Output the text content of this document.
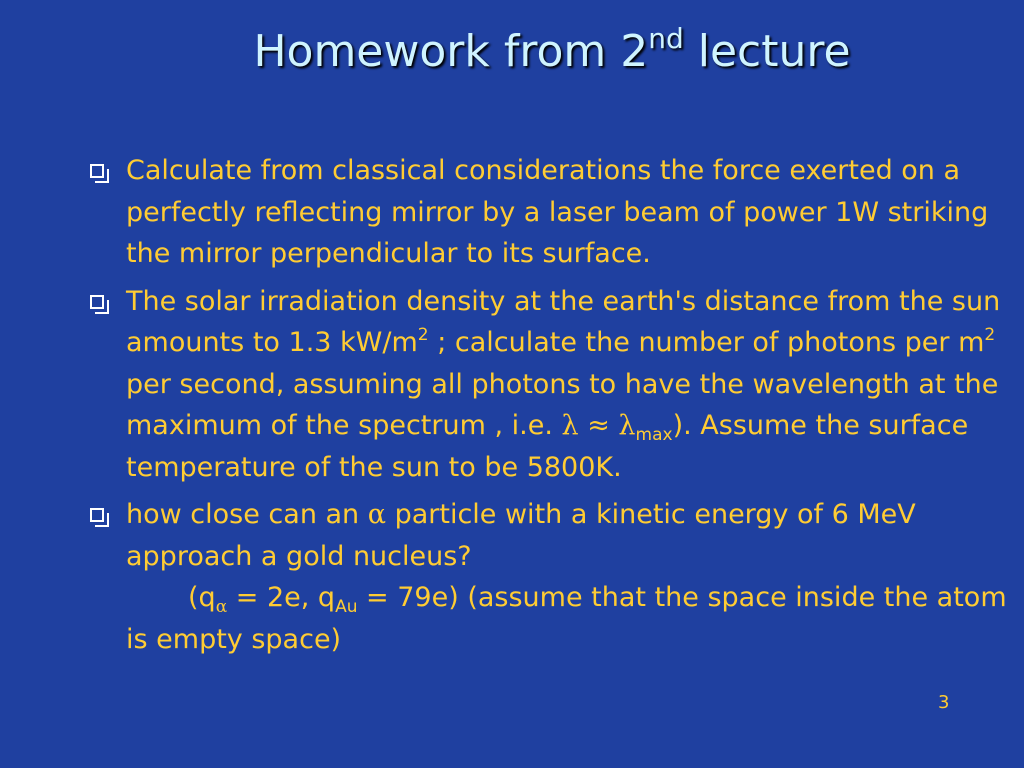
Homework from 2nd lecture

Calculate from classical considerations the force exerted on a perfectly reflecting mirror by a laser beam of power 1W striking the mirror perpendicular to its surface.

The solar irradiation density at the earth's distance from the sun amounts to 1.3 $kW/m^2$ ; calculate the number of photons per $m^2$ per second, assuming all photons to have the wavelength at the maximum of the spectrum , i.e. $\lambda \approx \lambda_{max}$). Assume the surface temperature of the sun to be 5800K.

how close can an α particle with a kinetic energy of 6 MeV approach a gold nucleus?
($q_\alpha = 2e$, $q_{Au} = 79e$) (assume that the space inside the atom is empty space)

3
